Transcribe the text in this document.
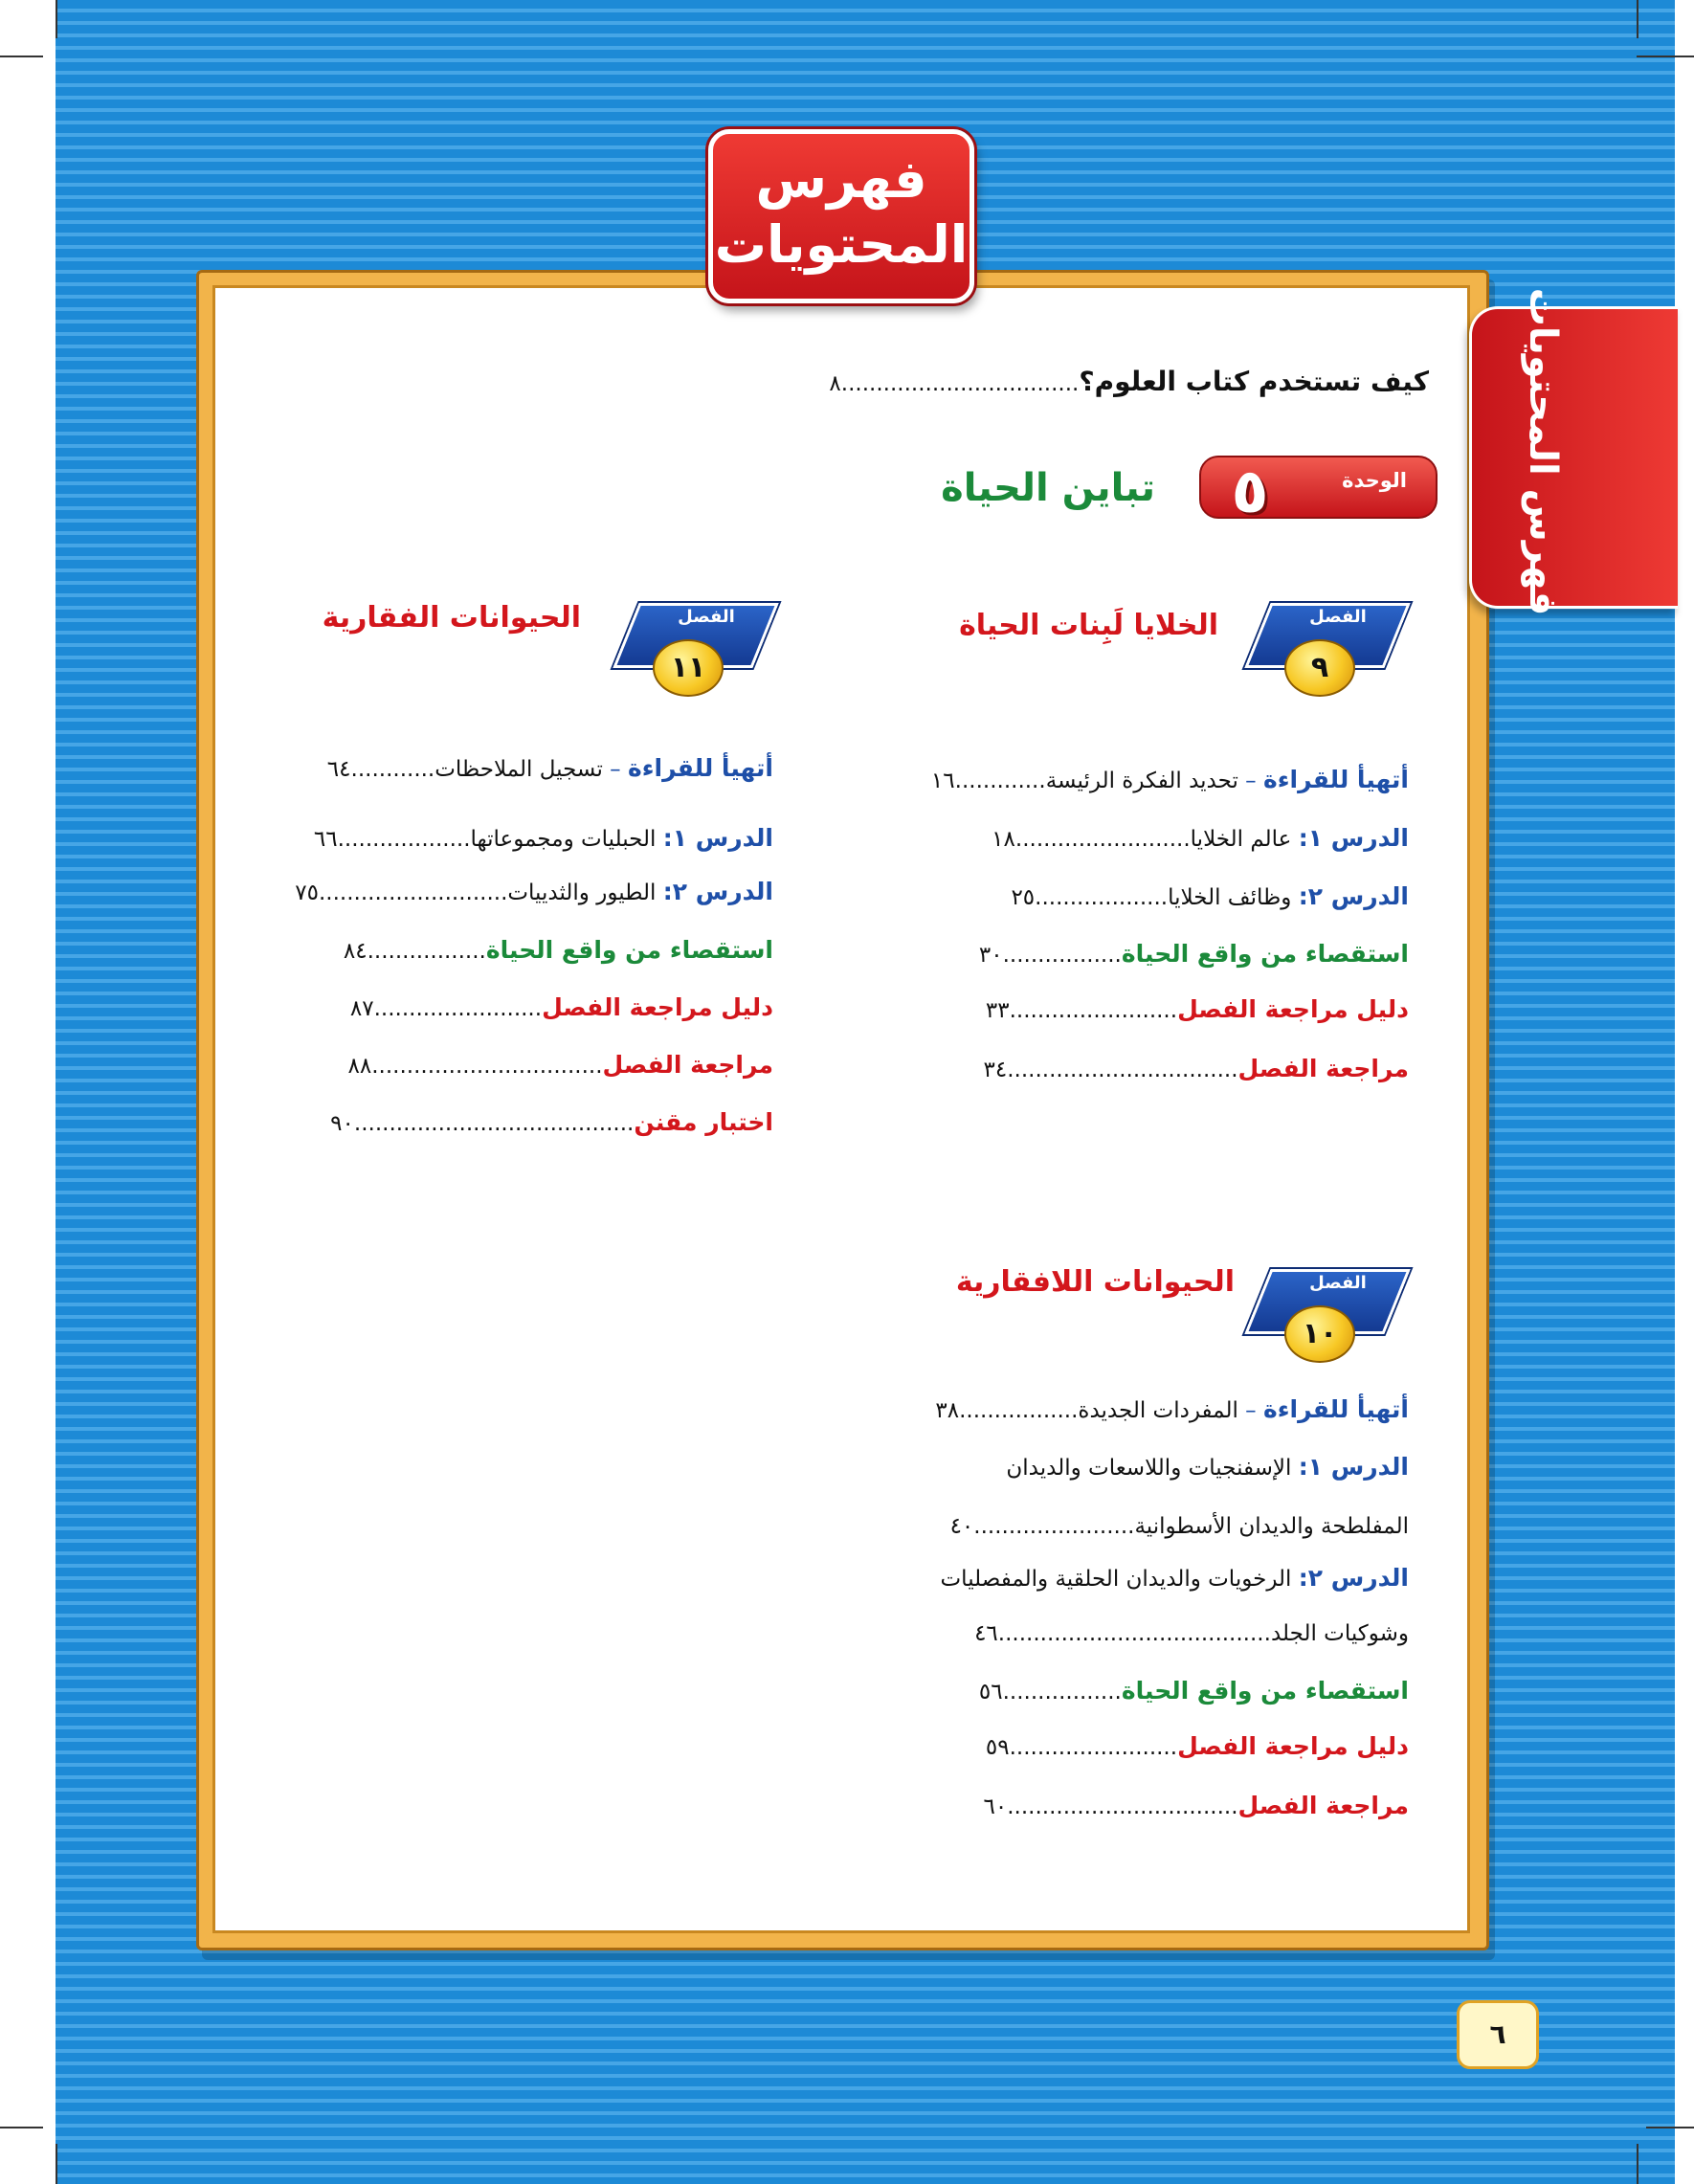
فهرس
المحتويات
فهرس المحتويات
كيف تستخدم كتاب العلوم؟..................................٨
الوحدة
٥
تباين الحياة
الفصل
٩
الخلايا لَبِنات الحياة
الفصل
١١
الحيوانات الفقارية
الفصل
١٠
الحيوانات اللافقارية
أتهيأ للقراءة – تحديد الفكرة الرئيسة.............١٦
الدرس ١: عالم الخلايا.........................١٨
الدرس ٢: وظائف الخلايا...................٢٥
استقصاء من واقع الحياة.................٣٠
دليل مراجعة الفصل........................٣٣
مراجعة الفصل.................................٣٤
أتهيأ للقراءة – تسجيل الملاحظات............٦٤
الدرس ١: الحبليات ومجموعاتها...................٦٦
الدرس ٢: الطيور والثدييات...........................٧٥
استقصاء من واقع الحياة.................٨٤
دليل مراجعة الفصل........................٨٧
مراجعة الفصل.................................٨٨
اختبار مقنن........................................٩٠
أتهيأ للقراءة – المفردات الجديدة.................٣٨
الدرس ١: الإسفنجيات واللاسعات والديدان
المفلطحة والديدان الأسطوانية.......................٤٠
الدرس ٢: الرخويات والديدان الحلقية والمفصليات
وشوكيات الجلد.......................................٤٦
استقصاء من واقع الحياة.................٥٦
دليل مراجعة الفصل........................٥٩
مراجعة الفصل.................................٦٠
٦
